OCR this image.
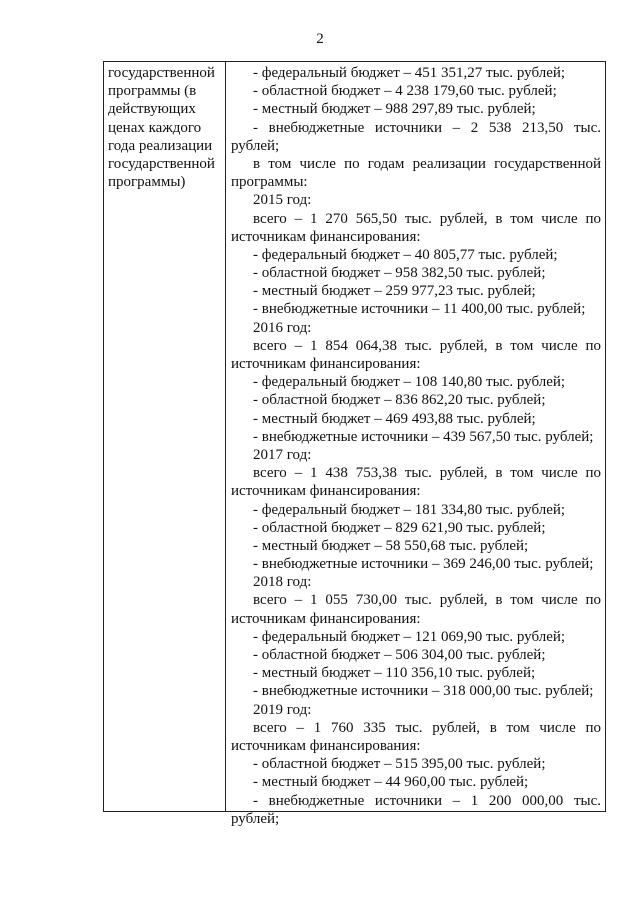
2
государственной
программы (в
действующих
ценах каждого
года реализации
государственной
программы)
- федеральный бюджет – 451 351,27 тыс. рублей;
- областной бюджет – 4 238 179,60 тыс. рублей;
- местный бюджет – 988 297,89 тыс. рублей;
- внебюджетные источники – 2 538 213,50 тыс.
рублей;
в том числе по годам реализации государственной
программы:
2015 год:
всего – 1 270 565,50 тыс. рублей, в том числе по
источникам финансирования:
- федеральный бюджет – 40 805,77 тыс. рублей;
- областной бюджет – 958 382,50 тыс. рублей;
- местный бюджет – 259 977,23 тыс. рублей;
- внебюджетные источники – 11 400,00 тыс. рублей;
2016 год:
всего – 1 854 064,38 тыс. рублей, в том числе по
источникам финансирования:
- федеральный бюджет – 108 140,80 тыс. рублей;
- областной бюджет – 836 862,20 тыс. рублей;
- местный бюджет – 469 493,88 тыс. рублей;
- внебюджетные источники – 439 567,50 тыс. рублей;
2017 год:
всего – 1 438 753,38 тыс. рублей, в том числе по
источникам финансирования:
- федеральный бюджет – 181 334,80 тыс. рублей;
- областной бюджет – 829 621,90 тыс. рублей;
- местный бюджет – 58 550,68 тыс. рублей;
- внебюджетные источники – 369 246,00 тыс. рублей;
2018 год:
всего – 1 055 730,00 тыс. рублей, в том числе по
источникам финансирования:
- федеральный бюджет – 121 069,90 тыс. рублей;
- областной бюджет – 506 304,00 тыс. рублей;
- местный бюджет – 110 356,10 тыс. рублей;
- внебюджетные источники – 318 000,00 тыс. рублей;
2019 год:
всего – 1 760 335 тыс. рублей, в том числе по
источникам финансирования:
- областной бюджет – 515 395,00 тыс. рублей;
- местный бюджет – 44 960,00 тыс. рублей;
- внебюджетные источники – 1 200 000,00 тыс.
рублей;
